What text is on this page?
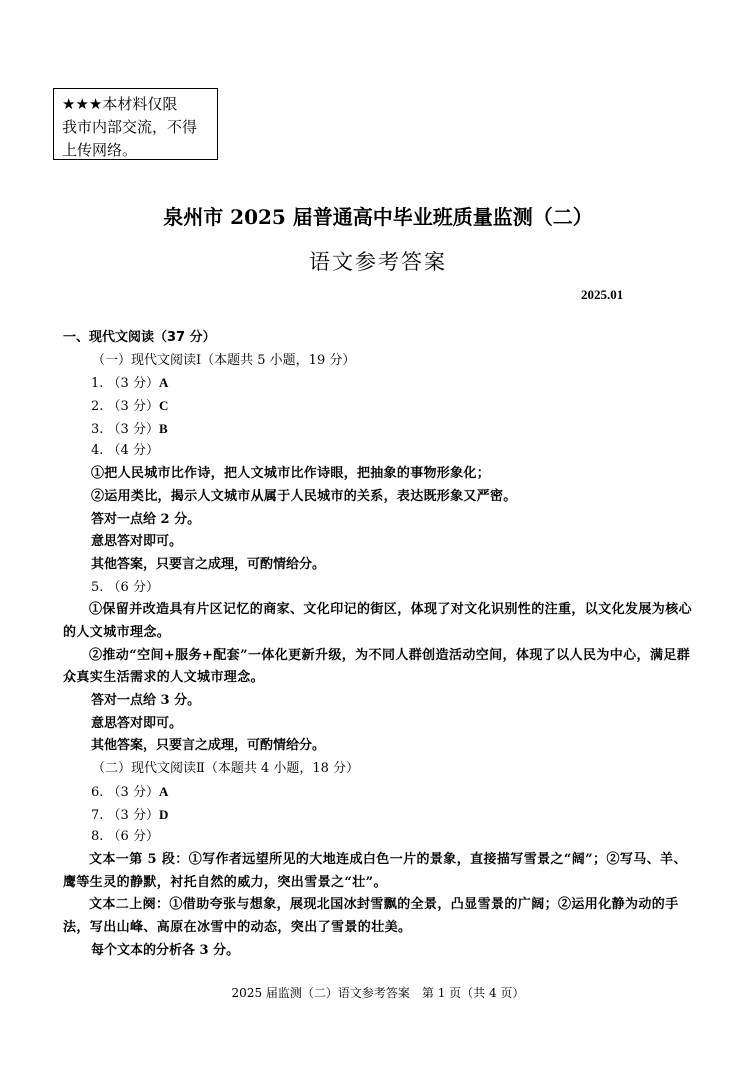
★★★本材料仅限
我市内部交流，不得
上传网络。
泉州市 2025 届普通高中毕业班质量监测（二）
语文参考答案
2025.01
一、现代文阅读（37 分）
（一）现代文阅读Ⅰ（本题共 5 小题，19 分）
1. （3 分）A
2. （3 分）C
3. （3 分）B
4. （4 分）
①把人民城市比作诗，把人文城市比作诗眼，把抽象的事物形象化；
②运用类比，揭示人文城市从属于人民城市的关系，表达既形象又严密。
答对一点给 2 分。
意思答对即可。
其他答案，只要言之成理，可酌情给分。
5. （6 分）
①保留并改造具有片区记忆的商家、文化印记的街区，体现了对文化识别性的注重，以文化发展为核心的人文城市理念。
②推动“空间+服务+配套”一体化更新升级，为不同人群创造活动空间，体现了以人民为中心，满足群众真实生活需求的人文城市理念。
答对一点给 3 分。
意思答对即可。
其他答案，只要言之成理，可酌情给分。
（二）现代文阅读Ⅱ（本题共 4 小题，18 分）
6. （3 分）A
7. （3 分）D
8. （6 分）
文本一第 5 段：①写作者远望所见的大地连成白色一片的景象，直接描写雪景之“阔”；②写马、羊、鹰等生灵的静默，衬托自然的威力，突出雪景之“壮”。
文本二上阕：①借助夸张与想象，展现北国冰封雪飘的全景，凸显雪景的广阔；②运用化静为动的手法，写出山峰、高原在冰雪中的动态，突出了雪景的壮美。
每个文本的分析各 3 分。
2025 届监测（二）语文参考答案　第 1 页（共 4 页）
